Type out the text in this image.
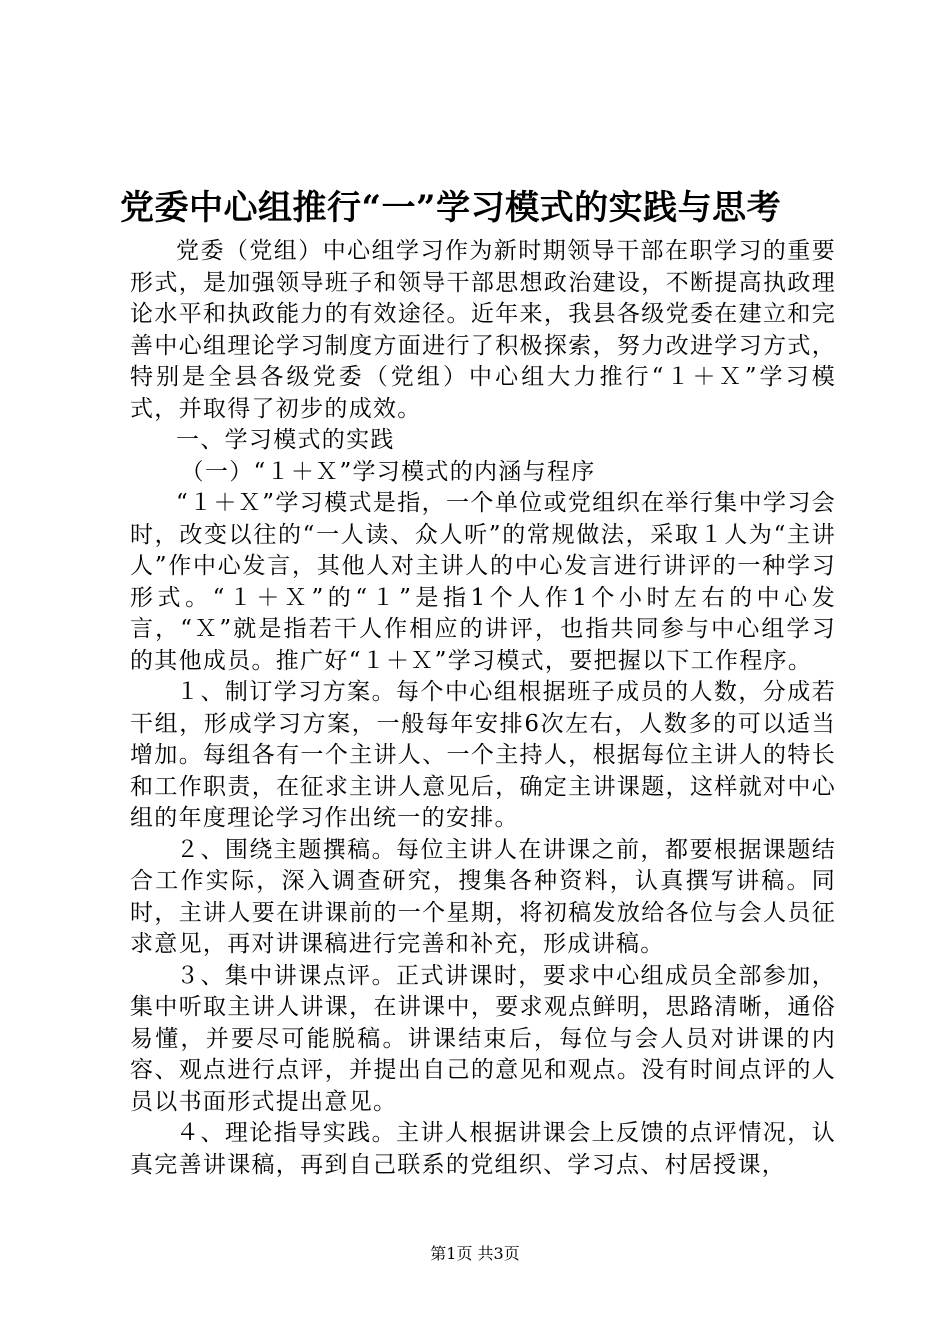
党委中心组推行“一”学习模式的实践与思考

党委（党组）中心组学习作为新时期领导干部在职学习的重要形式，是加强领导班子和领导干部思想政治建设，不断提高执政理论水平和执政能力的有效途径。近年来，我县各级党委在建立和完善中心组理论学习制度方面进行了积极探索，努力改进学习方式，特别是全县各级党委（党组）中心组大力推行“１＋Ｘ”学习模式，并取得了初步的成效。

一、学习模式的实践

（一）“１＋Ｘ”学习模式的内涵与程序

“１＋Ｘ”学习模式是指，一个单位或党组织在举行集中学习会时，改变以往的“一人读、众人听”的常规做法，采取１人为“主讲人”作中心发言，其他人对主讲人的中心发言进行讲评的一种学习形式。“１＋Ｘ”的“１”是指1个人作1个小时左右的中心发言，“Ｘ”就是指若干人作相应的讲评，也指共同参与中心组学习的其他成员。推广好“１＋Ｘ”学习模式，要把握以下工作程序。

１、制订学习方案。每个中心组根据班子成员的人数，分成若干组，形成学习方案，一般每年安排6次左右，人数多的可以适当增加。每组各有一个主讲人、一个主持人，根据每位主讲人的特长和工作职责，在征求主讲人意见后，确定主讲课题，这样就对中心组的年度理论学习作出统一的安排。

２、围绕主题撰稿。每位主讲人在讲课之前，都要根据课题结合工作实际，深入调查研究，搜集各种资料，认真撰写讲稿。同时，主讲人要在讲课前的一个星期，将初稿发放给各位与会人员征求意见，再对讲课稿进行完善和补充，形成讲稿。

３、集中讲课点评。正式讲课时，要求中心组成员全部参加，集中听取主讲人讲课，在讲课中，要求观点鲜明，思路清晰，通俗易懂，并要尽可能脱稿。讲课结束后，每位与会人员对讲课的内容、观点进行点评，并提出自己的意见和观点。没有时间点评的人员以书面形式提出意见。

４、理论指导实践。主讲人根据讲课会上反馈的点评情况，认真完善讲课稿，再到自己联系的党组织、学习点、村居授课，

第1页 共3页
